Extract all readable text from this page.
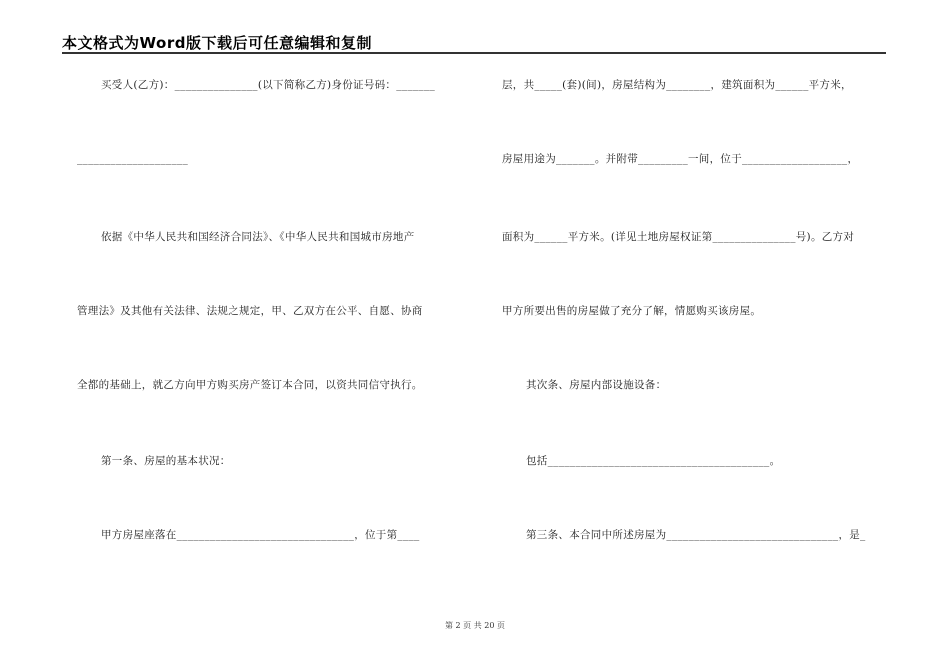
本文格式为Word版下载后可任意编辑和复制
买受人(乙方)：_______________(以下简称乙方)身份证号码：_______
____________________
依据《中华人民共和国经济合同法》、《中华人民共和国城市房地产
管理法》及其他有关法律、法规之规定，甲、乙双方在公平、自愿、协商
全都的基础上，就乙方向甲方购买房产签订本合同，以资共同信守执行。
第一条、房屋的基本状况：
甲方房屋座落在________________________________，位于第____
层，共_____(套)(间)，房屋结构为________，建筑面积为______平方米，
房屋用途为_______。并附带_________一间，位于___________________，
面积为______平方米。(详见土地房屋权证第_______________号)。乙方对
甲方所要出售的房屋做了充分了解，情愿购买该房屋。
其次条、房屋内部设施设备：
包括________________________________________。
第三条、本合同中所述房屋为_______________________________，是_
第 2 页 共 20 页
